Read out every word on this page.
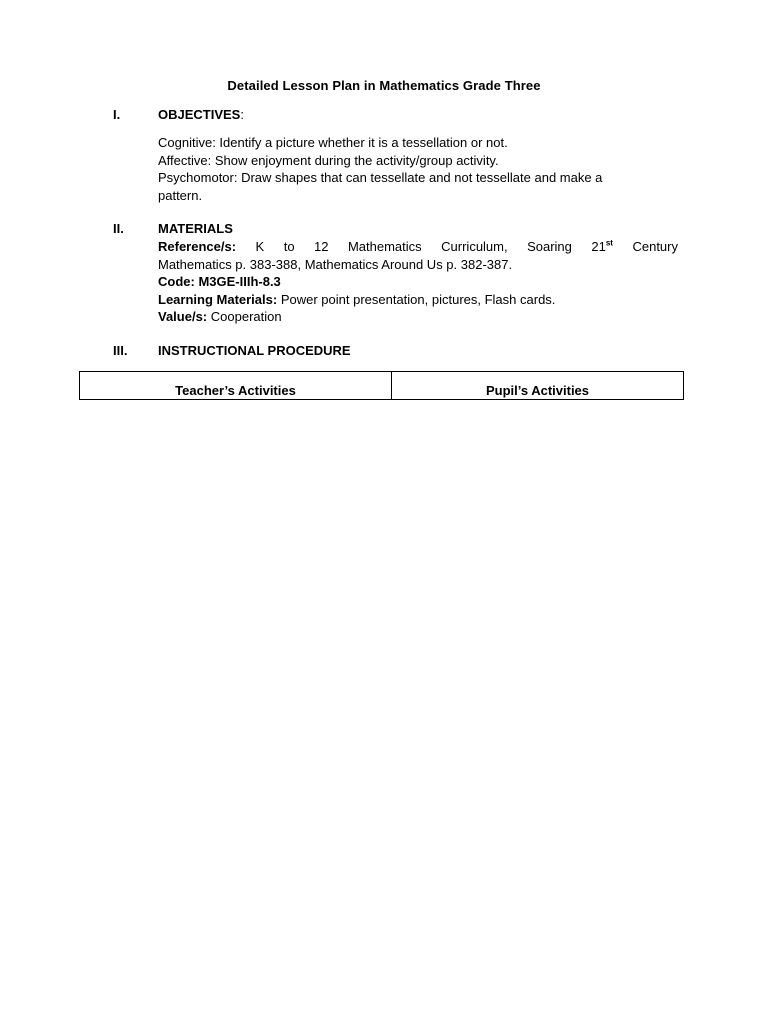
Detailed Lesson Plan in Mathematics Grade Three
I.	OBJECTIVES:
Cognitive: Identify a picture whether it is a tessellation or not.
Affective: Show enjoyment during the activity/group activity.
Psychomotor: Draw shapes that can tessellate and not tessellate and make a
pattern.
II.	MATERIALS
Reference/s: K to 12 Mathematics Curriculum, Soaring 21st Century
Mathematics p. 383-388, Mathematics Around Us p. 382-387.
Code: M3GE-IIIh-8.3
Learning Materials: Power point presentation, pictures, Flash cards.
Value/s: Cooperation
III. INSTRUCTIONAL PROCEDURE
Teacher’s Activities	Pupil’s Activities
